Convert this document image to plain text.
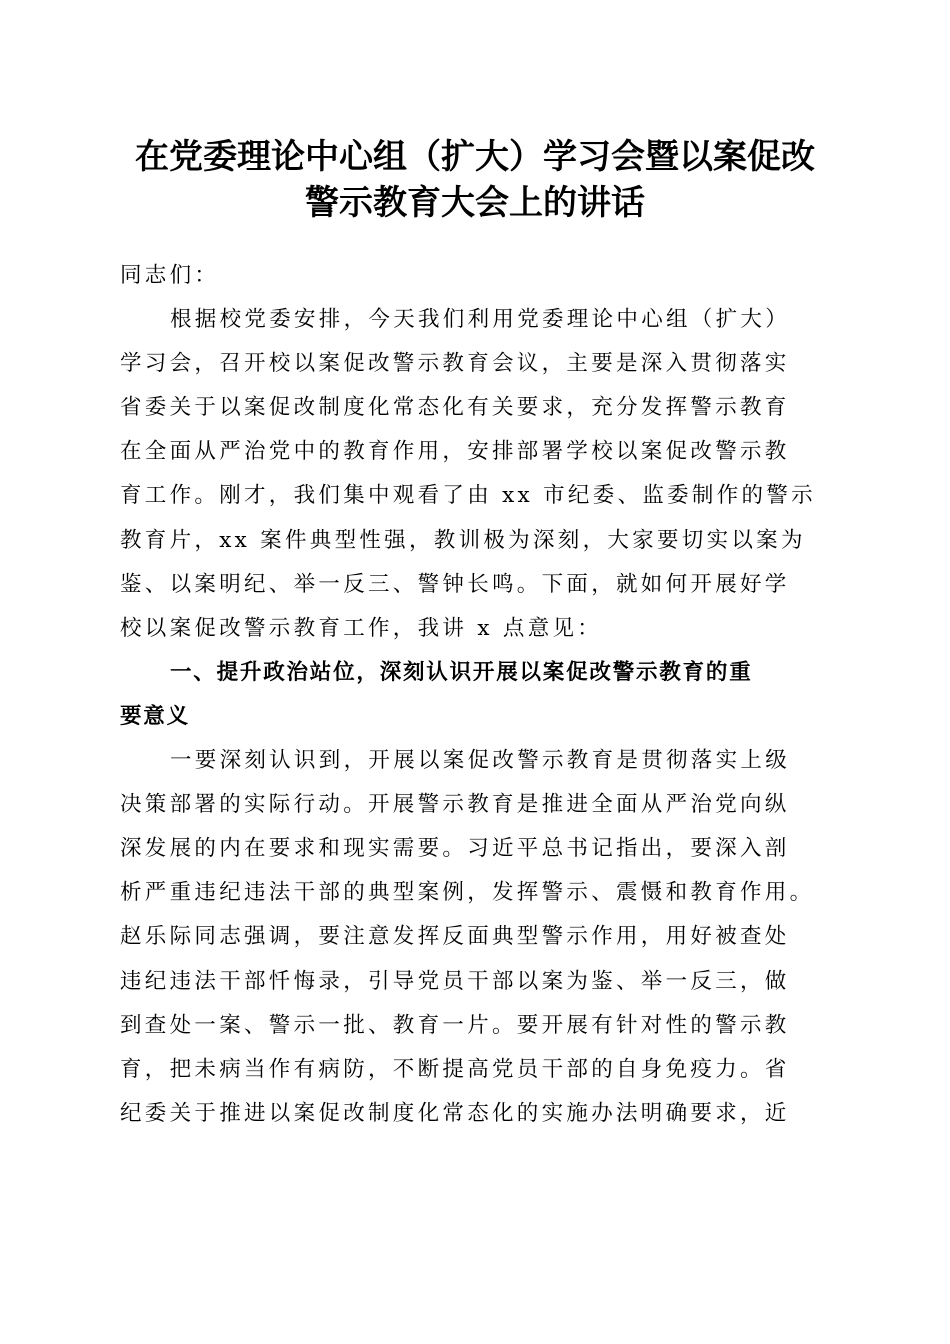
在党委理论中心组（扩大）学习会暨以案促改
警示教育大会上的讲话
同志们：
根据校党委安排，今天我们利用党委理论中心组（扩大）
学习会，召开校以案促改警示教育会议，主要是深入贯彻落实
省委关于以案促改制度化常态化有关要求，充分发挥警示教育
在全面从严治党中的教育作用，安排部署学校以案促改警示教
育工作。刚才，我们集中观看了由 xx 市纪委、监委制作的警示
教育片，xx 案件典型性强，教训极为深刻，大家要切实以案为
鉴、以案明纪、举一反三、警钟长鸣。下面，就如何开展好学
校以案促改警示教育工作，我讲 x 点意见：
一、提升政治站位，深刻认识开展以案促改警示教育的重
要意义
一要深刻认识到，开展以案促改警示教育是贯彻落实上级
决策部署的实际行动。开展警示教育是推进全面从严治党向纵
深发展的内在要求和现实需要。习近平总书记指出，要深入剖
析严重违纪违法干部的典型案例，发挥警示、震慑和教育作用。
赵乐际同志强调，要注意发挥反面典型警示作用，用好被查处
违纪违法干部忏悔录，引导党员干部以案为鉴、举一反三，做
到查处一案、警示一批、教育一片。要开展有针对性的警示教
育，把未病当作有病防，不断提高党员干部的自身免疫力。省
纪委关于推进以案促改制度化常态化的实施办法明确要求，近
